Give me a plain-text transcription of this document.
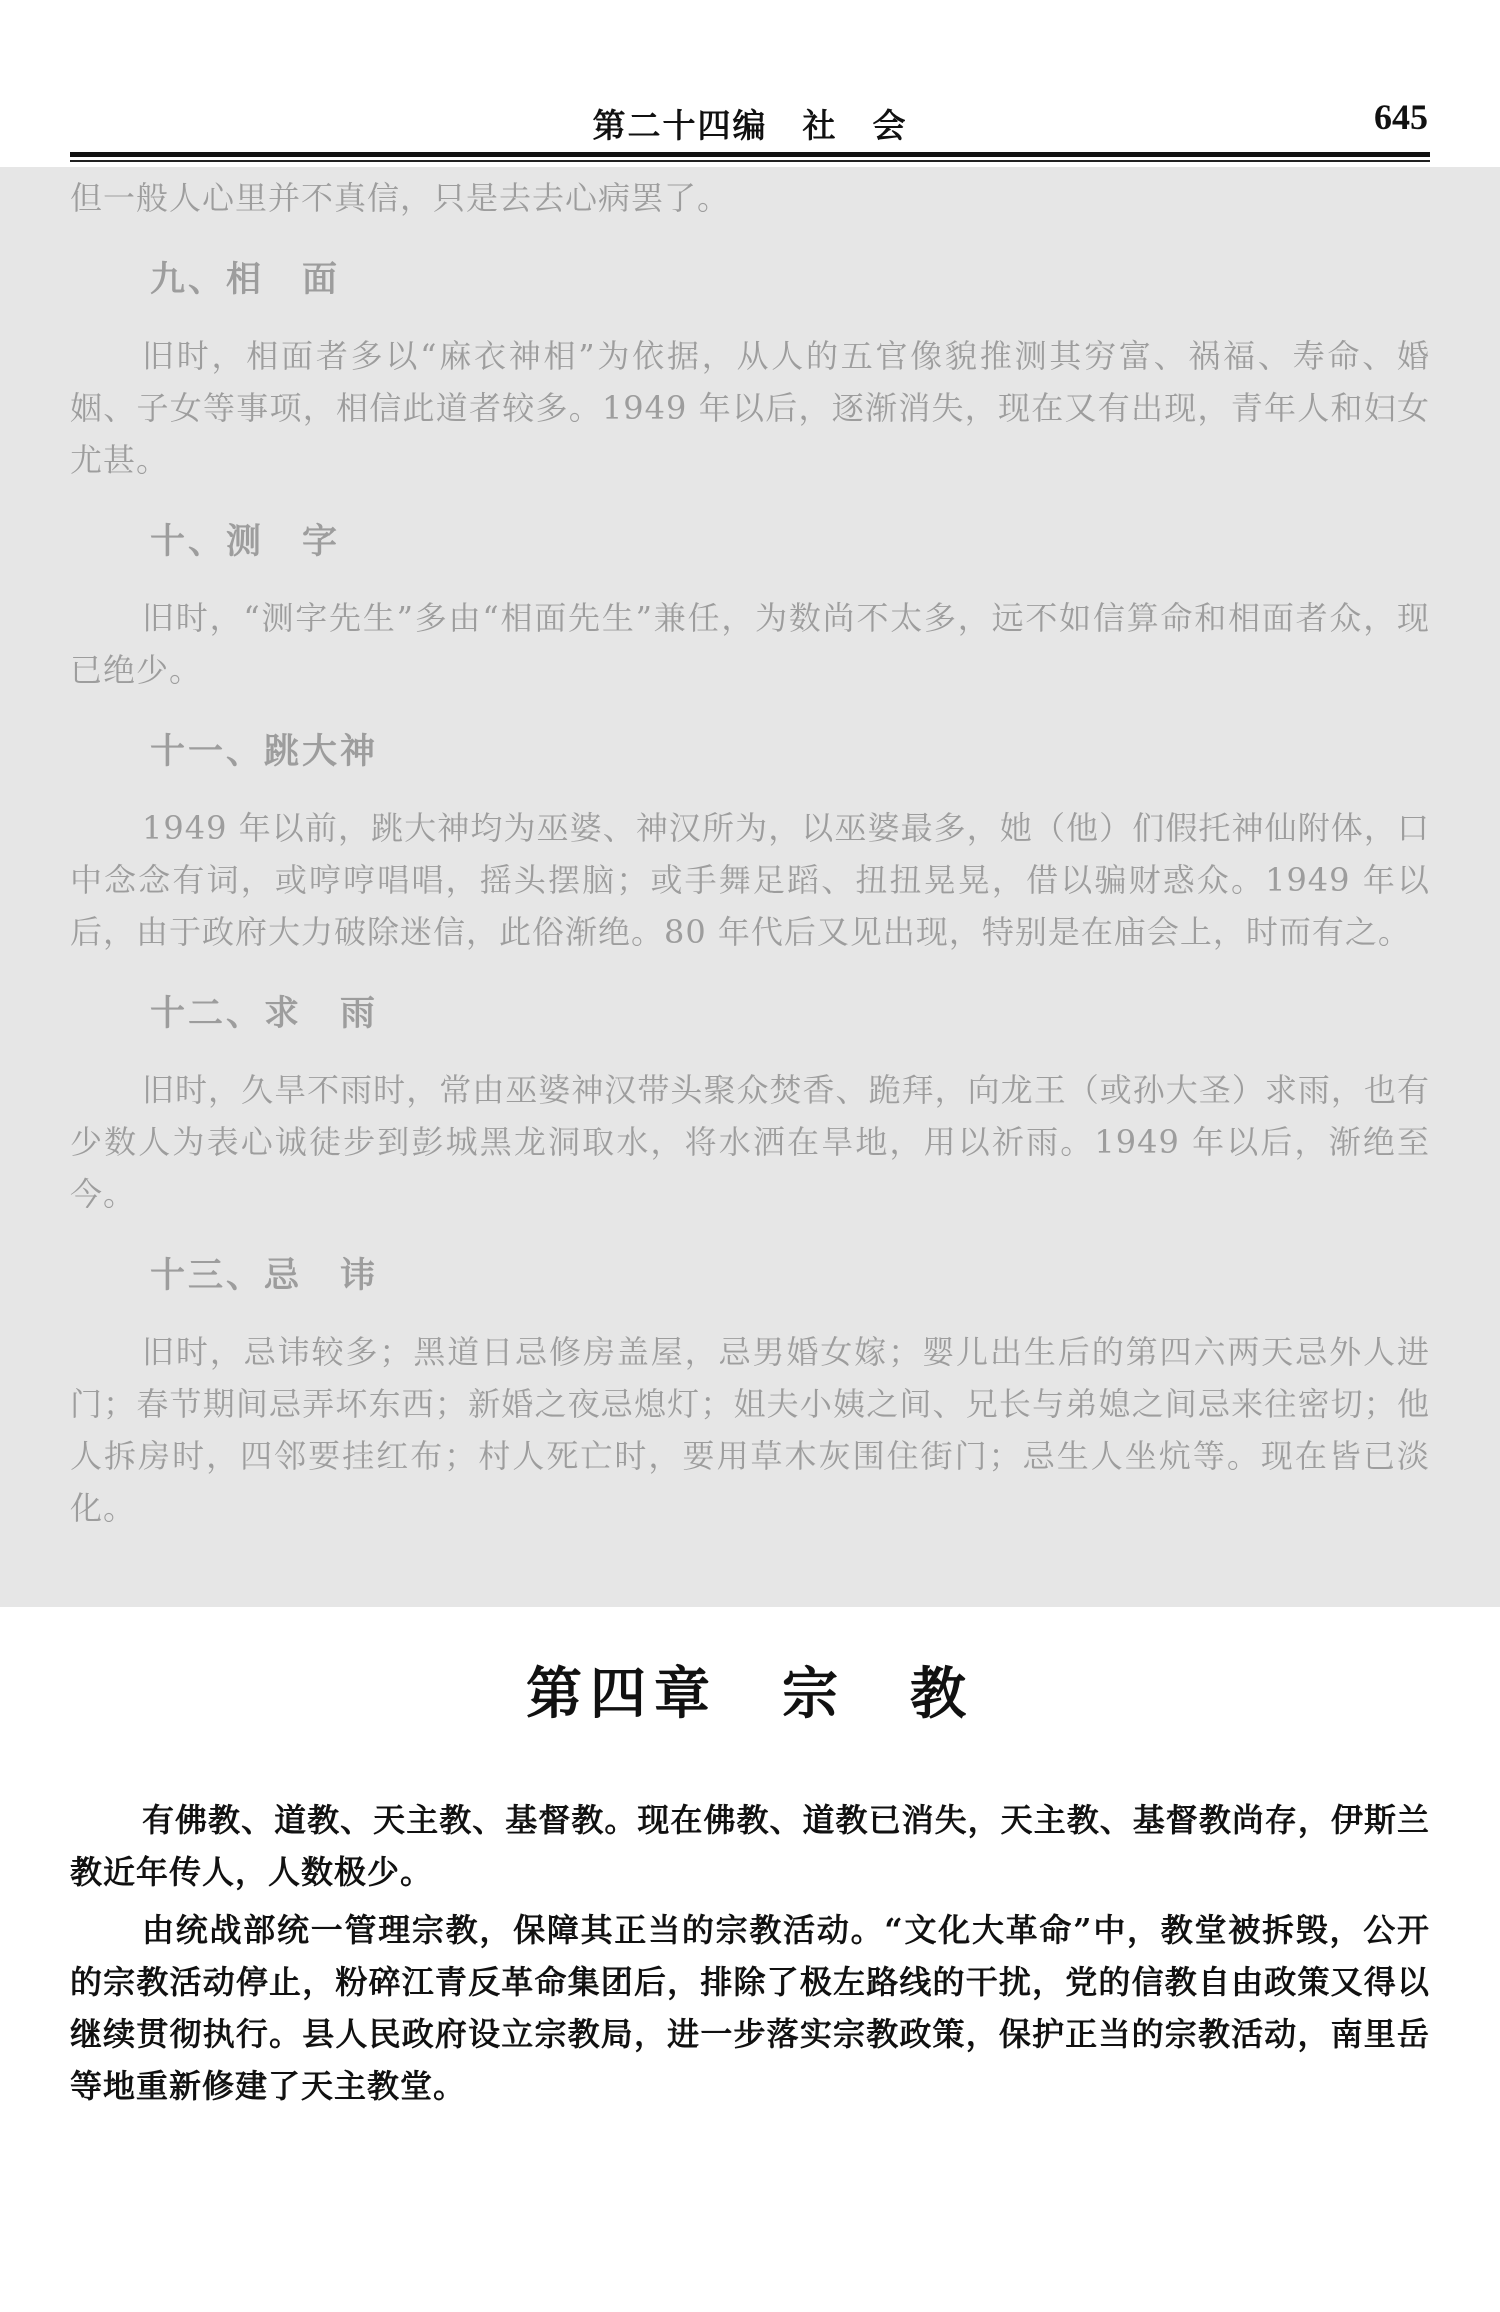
第二十四编　社　会	645

但一般人心里并不真信，只是去去心病罢了。

九、相　面

旧时，相面者多以“麻衣神相”为依据，从人的五官像貌推测其穷富、祸福、寿命、婚姻、子女等事项，相信此道者较多。1949 年以后，逐渐消失，现在又有出现，青年人和妇女尤甚。

十、测　字

旧时，“测字先生”多由“相面先生”兼任，为数尚不太多，远不如信算命和相面者众，现已绝少。

十一、跳大神

1949 年以前，跳大神均为巫婆、神汉所为，以巫婆最多，她（他）们假托神仙附体，口中念念有词，或哼哼唱唱，摇头摆脑；或手舞足蹈、扭扭晃晃，借以骗财惑众。1949 年以后，由于政府大力破除迷信，此俗渐绝。80 年代后又见出现，特别是在庙会上，时而有之。

十二、求　雨

旧时，久旱不雨时，常由巫婆神汉带头聚众焚香、跪拜，向龙王（或孙大圣）求雨，也有少数人为表心诚徒步到彭城黑龙洞取水，将水洒在旱地，用以祈雨。1949 年以后，渐绝至今。

十三、忌　讳

旧时，忌讳较多；黑道日忌修房盖屋，忌男婚女嫁；婴儿出生后的第四六两天忌外人进门；春节期间忌弄坏东西；新婚之夜忌熄灯；姐夫小姨之间、兄长与弟媳之间忌来往密切；他人拆房时，四邻要挂红布；村人死亡时，要用草木灰围住街门；忌生人坐炕等。现在皆已淡化。

第四章　宗　教

有佛教、道教、天主教、基督教。现在佛教、道教已消失，天主教、基督教尚存，伊斯兰教近年传人，人数极少。

由统战部统一管理宗教，保障其正当的宗教活动。“文化大革命”中，教堂被拆毁，公开的宗教活动停止，粉碎江青反革命集团后，排除了极左路线的干扰，党的信教自由政策又得以继续贯彻执行。县人民政府设立宗教局，进一步落实宗教政策，保护正当的宗教活动，南里岳等地重新修建了天主教堂。
